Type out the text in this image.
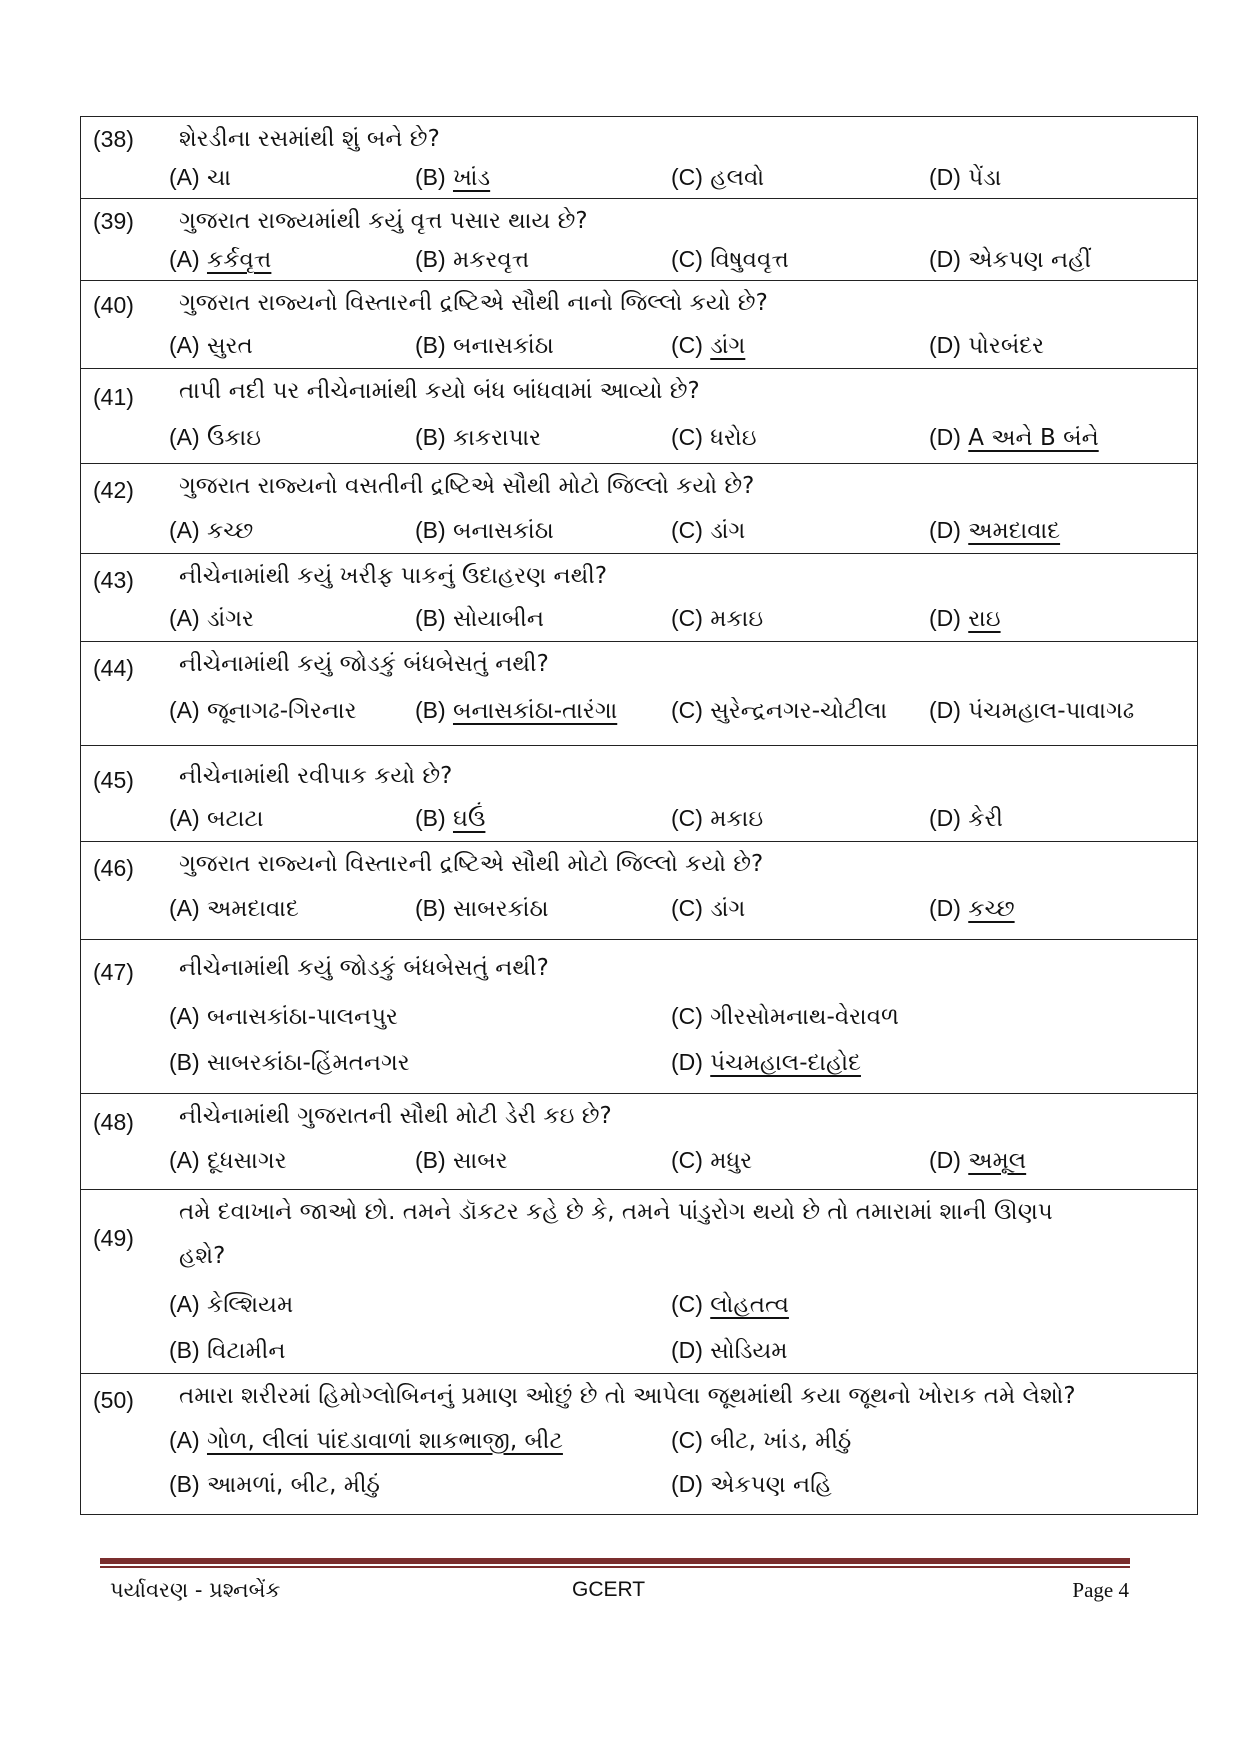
(38)	શેરડીના રસમાંથી શું બને છે?
(A) ચા	(B) ખાંડ	(C) હલવો	(D) પેંડા
(39)	ગુજરાત રાજ્યમાંથી કયું વૃત્ત પસાર થાય છે?
(A) કર્કવૃત્ત	(B) મકરવૃત્ત	(C) વિષુવવૃત્ત	(D) એકપણ નહીં
(40)	ગુજરાત રાજ્યનો વિસ્તારની દ્રષ્ટિએ સૌથી નાનો જિલ્લો કયો છે?
(A) સુરત	(B) બનાસકાંઠા	(C) ડાંગ	(D) પોરબંદર
(41)	તાપી નદી પર નીચેનામાંથી કયો બંધ બાંધવામાં આવ્યો છે?
(A) ઉકાઇ	(B) કાકરાપાર	(C) ધરોઇ	(D) A અને B બંને
(42)	ગુજરાત રાજ્યનો વસતીની દ્રષ્ટિએ સૌથી મોટો જિલ્લો કયો છે?
(A) કચ્છ	(B) બનાસકાંઠા	(C) ડાંગ	(D) અમદાવાદ
(43)	નીચેનામાંથી કયું ખરીફ પાકનું ઉદાહરણ નથી?
(A) ડાંગર	(B) સોયાબીન	(C) મકાઇ	(D) રાઇ
(44)	નીચેનામાંથી કયું જોડકું બંધબેસતું નથી?
(A) જૂનાગઢ-ગિરનાર	(B) બનાસકાંઠા-તારંગા (C) સુરેન્દ્રનગર-ચોટીલા (D) પંચમહાલ-પાવાગઢ
(45)	નીચેનામાંથી રવીપાક કયો છે?
(A) બટાટા	(B) ઘઉં	(C) મકાઇ	(D) કેરી
(46)	ગુજરાત રાજ્યનો વિસ્તારની દ્રષ્ટિએ સૌથી મોટો જિલ્લો કયો છે?
(A) અમદાવાદ	(B) સાબરકાંઠા	(C) ડાંગ	(D) કચ્છ
(47)	નીચેનામાંથી કયું જોડકું બંધબેસતું નથી?
(A) બનાસકાંઠા-પાલનપુર	(C) ગીરસોમનાથ-વેરાવળ
(B) સાબરકાંઠા-હિંમતનગર	(D) પંચમહાલ-દાહોદ
(48)	નીચેનામાંથી ગુજરાતની સૌથી મોટી ડેરી કઇ છે?
(A) દૂધસાગર	(B) સાબર	(C) મધુર	(D) અમૂલ
(49)
તમે દવાખાને જાઓ છો. તમને ડૉકટર કહે છે કે, તમને પાંડુરોગ થયો છે તો તમારામાં શાની ઊણપ
હશે?
(A) કેલ્શિયમ	(C) લોહતત્વ
(B) વિટામીન	(D) સોડિયમ
(50)	તમારા શરીરમાં હિમોગ્લોબિનનું પ્રમાણ ઓછું છે તો આપેલા જૂથમાંથી કયા જૂથનો ખોરાક તમે લેશો?
(A) ગોળ, લીલાં પાંદડાવાળાં શાકભાજી, બીટ	(C) બીટ, ખાંડ, મીઠું
(B) આમળાં, બીટ, મીઠું	(D) એકપણ નહિ
પર્યાવરણ - પ્રશ્નબેંક	GCERT	Page 4
